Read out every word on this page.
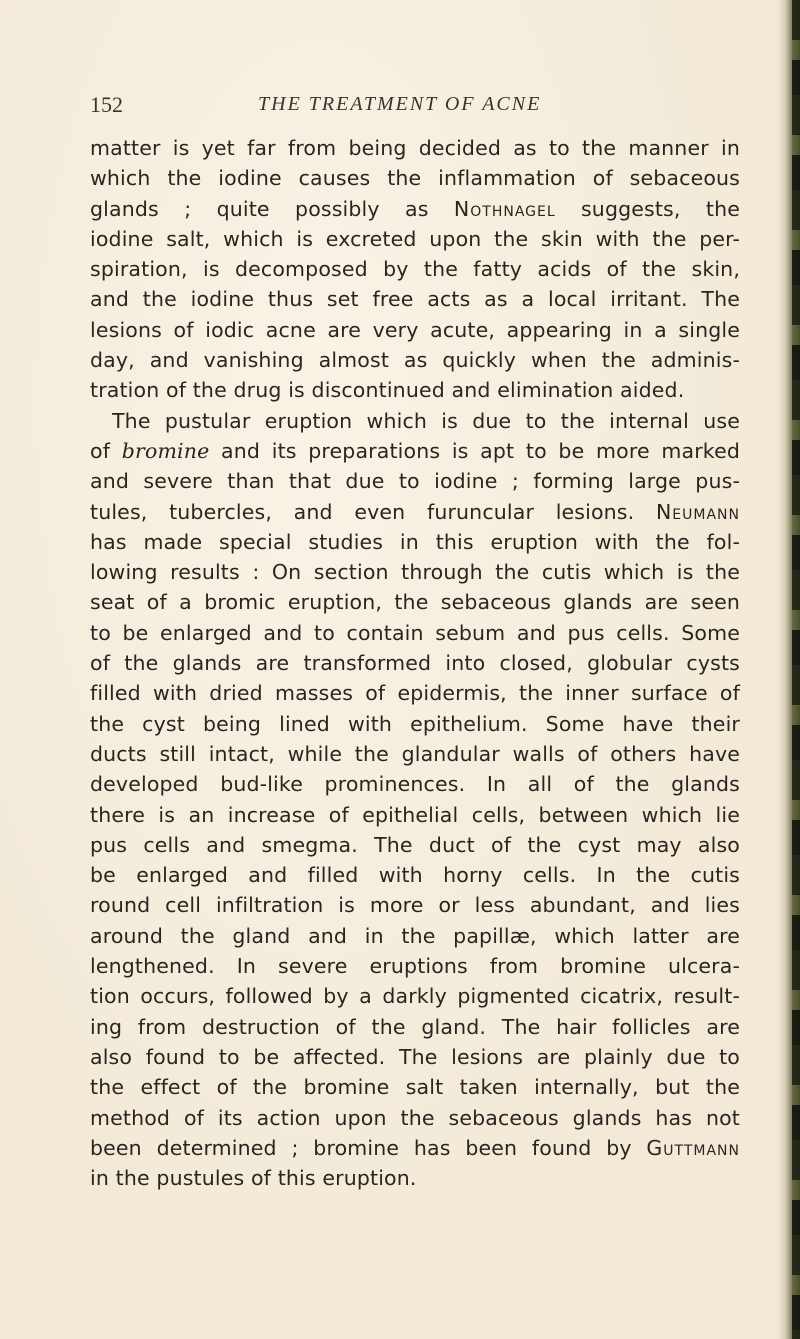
152	THE TREATMENT OF ACNE
matter is yet far from being decided as to the manner in
which the iodine causes the inflammation of sebaceous
glands ; quite possibly as Nothnagel suggests, the
iodine salt, which is excreted upon the skin with the per-
spiration, is decomposed by the fatty acids of the skin,
and the iodine thus set free acts as a local irritant. The
lesions of iodic acne are very acute, appearing in a single
day, and vanishing almost as quickly when the adminis-
tration of the drug is discontinued and elimination aided.
The pustular eruption which is due to the internal use
of bromine and its preparations is apt to be more marked
and severe than that due to iodine ; forming large pus-
tules, tubercles, and even furuncular lesions. Neumann
has made special studies in this eruption with the fol-
lowing results : On section through the cutis which is the
seat of a bromic eruption, the sebaceous glands are seen
to be enlarged and to contain sebum and pus cells. Some
of the glands are transformed into closed, globular cysts
filled with dried masses of epidermis, the inner surface of
the cyst being lined with epithelium. Some have their
ducts still intact, while the glandular walls of others have
developed bud-like prominences. In all of the glands
there is an increase of epithelial cells, between which lie
pus cells and smegma. The duct of the cyst may also
be enlarged and filled with horny cells. In the cutis
round cell infiltration is more or less abundant, and lies
around the gland and in the papillæ, which latter are
lengthened. In severe eruptions from bromine ulcera-
tion occurs, followed by a darkly pigmented cicatrix, result-
ing from destruction of the gland. The hair follicles are
also found to be affected. The lesions are plainly due to
the effect of the bromine salt taken internally, but the
method of its action upon the sebaceous glands has not
been determined ; bromine has been found by Guttmann
in the pustules of this eruption.
